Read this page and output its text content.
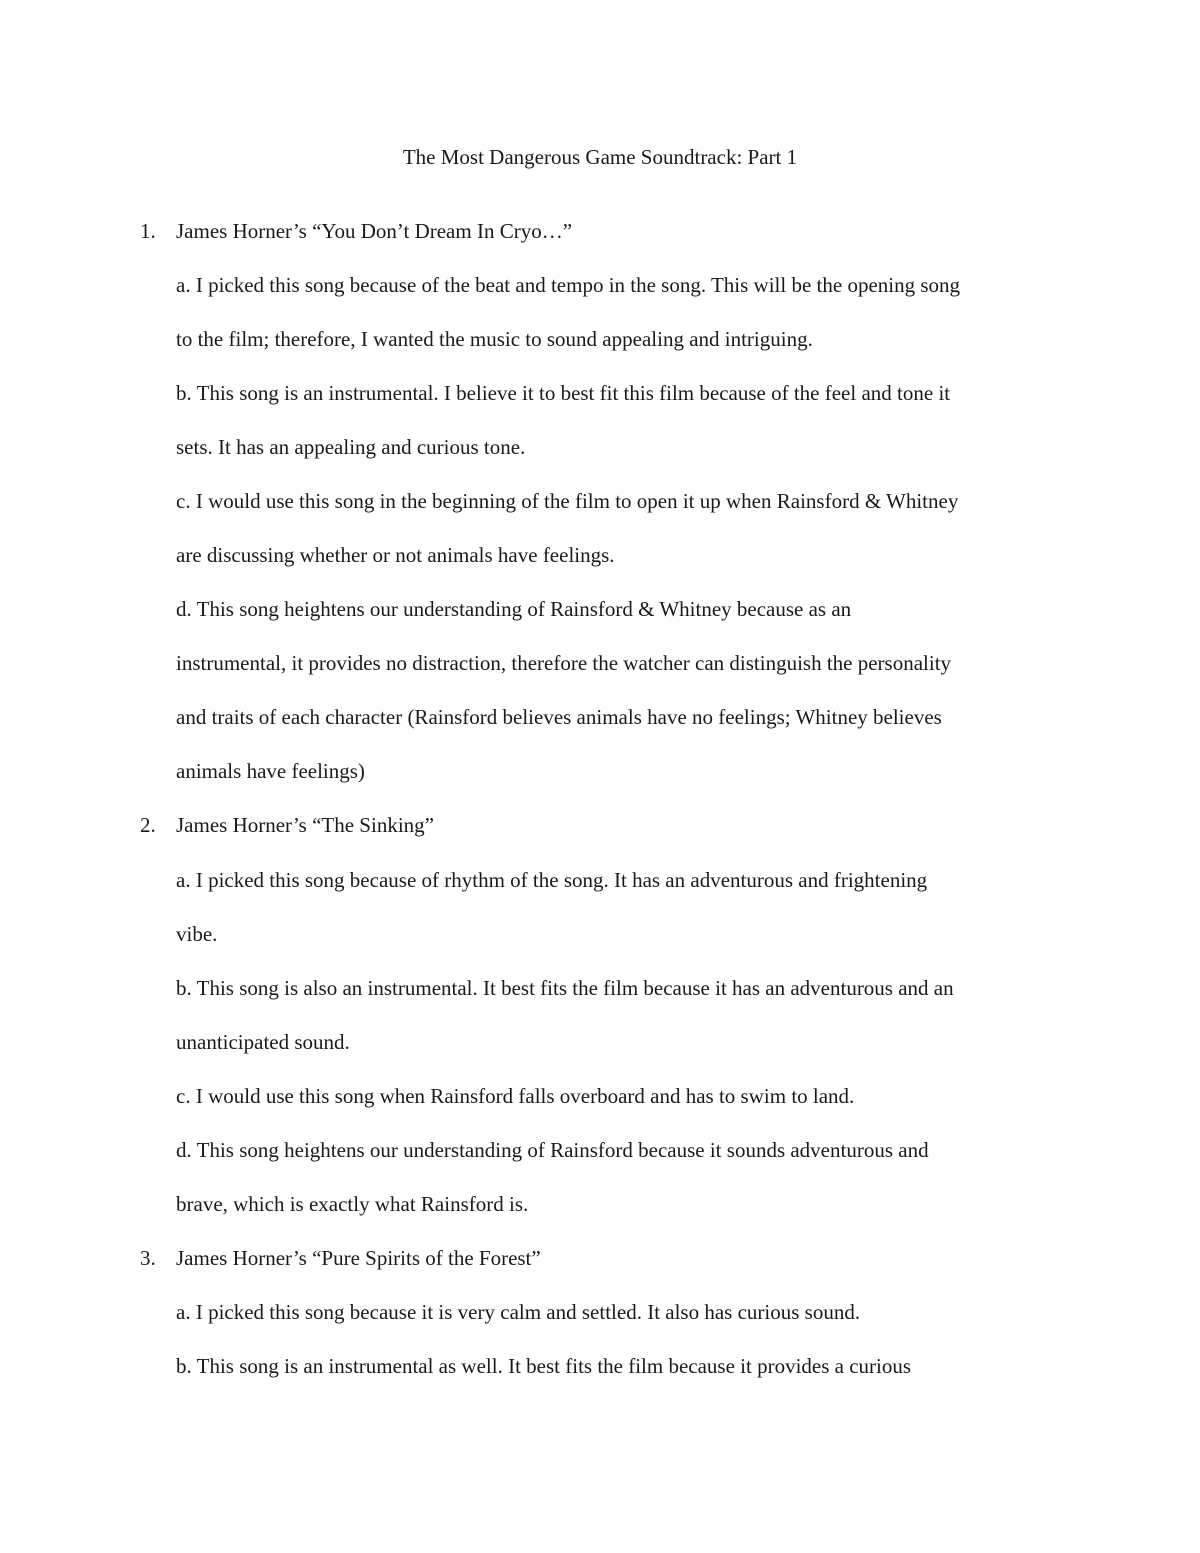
The Most Dangerous Game Soundtrack: Part 1
1. James Horner’s “You Don’t Dream In Cryo…”
a. I picked this song because of the beat and tempo in the song. This will be the opening song
to the film; therefore, I wanted the music to sound appealing and intriguing.
b. This song is an instrumental. I believe it to best fit this film because of the feel and tone it
sets. It has an appealing and curious tone.
c. I would use this song in the beginning of the film to open it up when Rainsford & Whitney
are discussing whether or not animals have feelings.
d. This song heightens our understanding of Rainsford & Whitney because as an
instrumental, it provides no distraction, therefore the watcher can distinguish the personality
and traits of each character (Rainsford believes animals have no feelings; Whitney believes
animals have feelings)
2. James Horner’s “The Sinking”
a. I picked this song because of rhythm of the song. It has an adventurous and frightening
vibe.
b. This song is also an instrumental. It best fits the film because it has an adventurous and an
unanticipated sound.
c. I would use this song when Rainsford falls overboard and has to swim to land.
d. This song heightens our understanding of Rainsford because it sounds adventurous and
brave, which is exactly what Rainsford is.
3. James Horner’s “Pure Spirits of the Forest”
a. I picked this song because it is very calm and settled. It also has curious sound.
b. This song is an instrumental as well. It best fits the film because it provides a curious
